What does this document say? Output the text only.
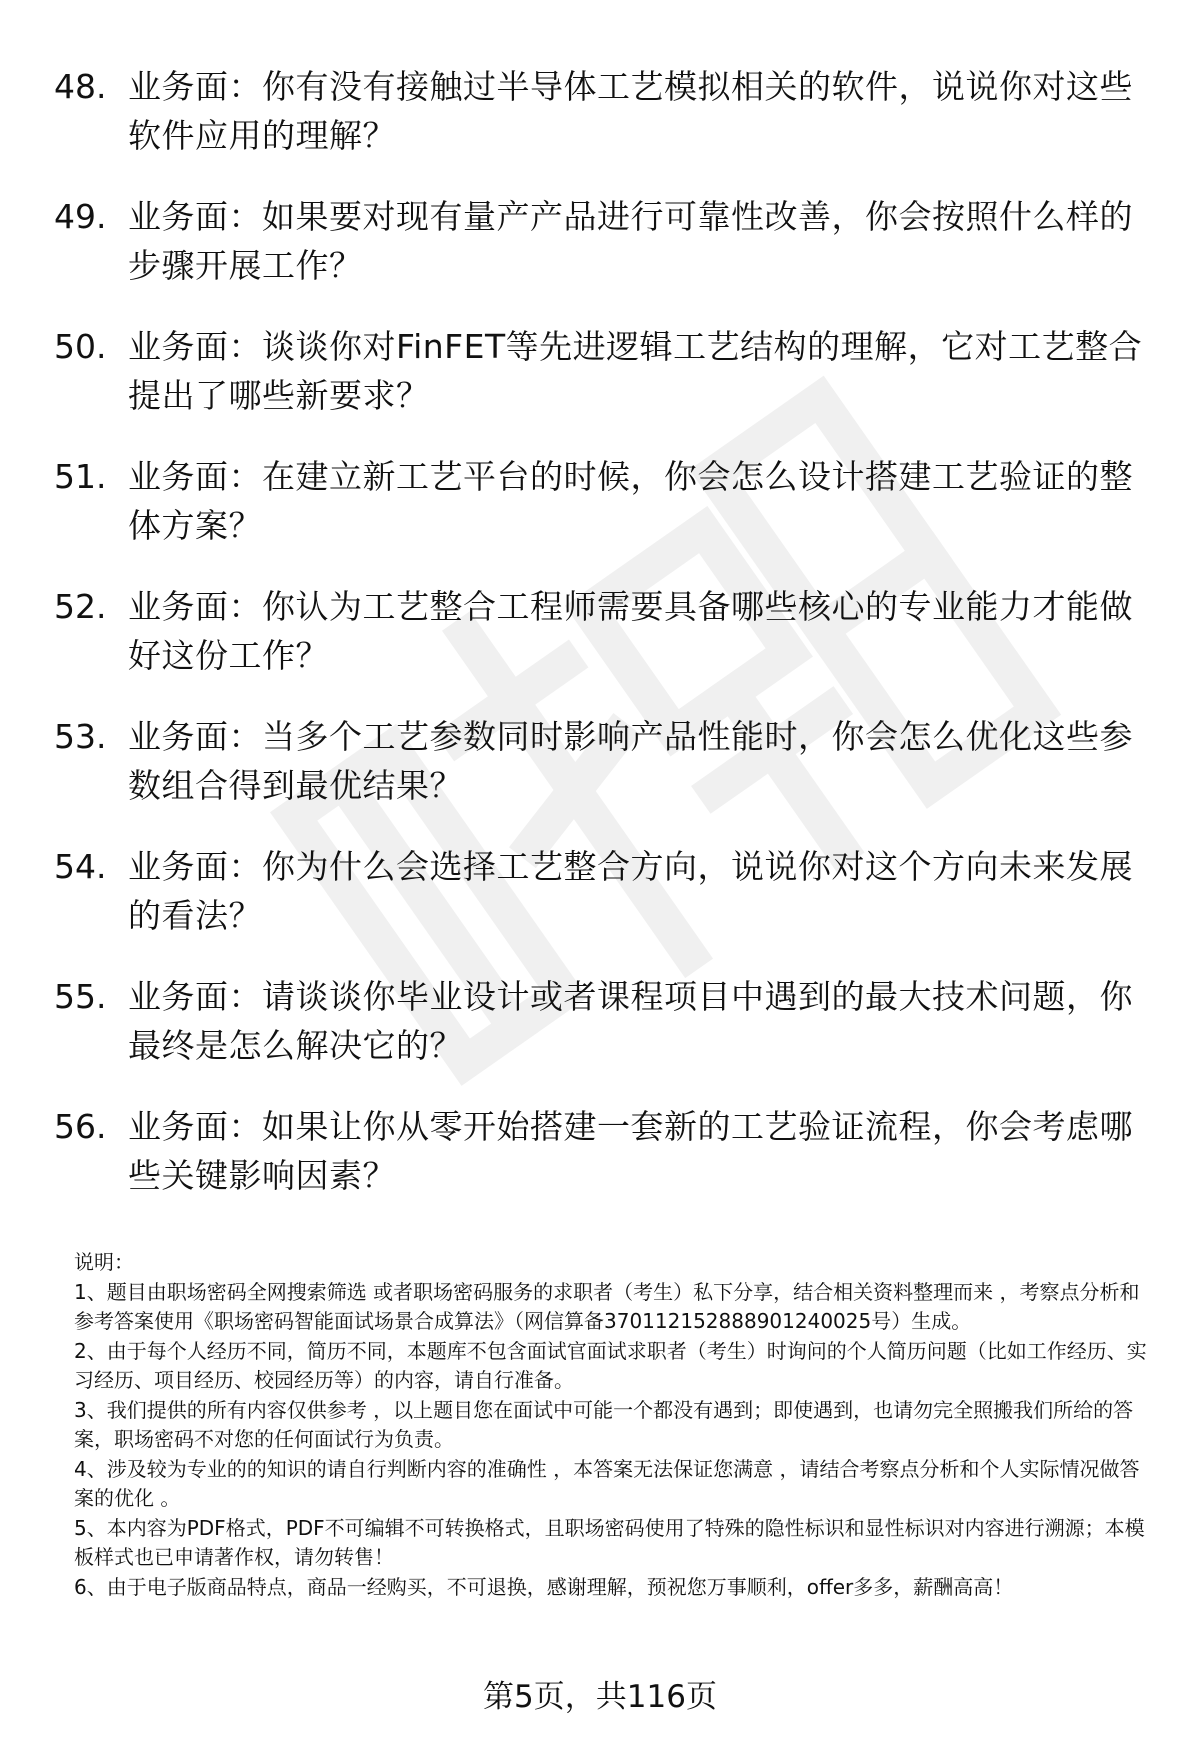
48. 业务面：你有没有接触过半导体工艺模拟相关的软件，说说你对这些软件应用的理解？
49. 业务面：如果要对现有量产产品进行可靠性改善，你会按照什么样的步骤开展工作？
50. 业务面：谈谈你对FinFET等先进逻辑工艺结构的理解，它对工艺整合提出了哪些新要求？
51. 业务面：在建立新工艺平台的时候，你会怎么设计搭建工艺验证的整体方案？
52. 业务面：你认为工艺整合工程师需要具备哪些核心的专业能力才能做好这份工作？
53. 业务面：当多个工艺参数同时影响产品性能时，你会怎么优化这些参数组合得到最优结果？
54. 业务面：你为什么会选择工艺整合方向，说说你对这个方向未来发展的看法？
55. 业务面：请谈谈你毕业设计或者课程项目中遇到的最大技术问题，你最终是怎么解决它的？
56. 业务面：如果让你从零开始搭建一套新的工艺验证流程，你会考虑哪些关键影响因素？

说明：

1、题目由职场密码全网搜索筛选 或者职场密码服务的求职者（考生）私下分享，结合相关资料整理而来 ，考察点分析和参考答案使用《职场密码智能面试场景合成算法》（网信算备370112152888901240025号）生成。

2、由于每个人经历不同，简历不同，本题库不包含面试官面试求职者（考生）时询问的个人简历问题（比如工作经历、实习经历、项目经历、校园经历等）的内容，请自行准备。

3、我们提供的所有内容仅供参考 ，以上题目您在面试中可能一个都没有遇到；即使遇到，也请勿完全照搬我们所给的答案，职场密码不对您的任何面试行为负责。

4、涉及较为专业的的知识的请自行判断内容的准确性 ，本答案无法保证您满意 ，请结合考察点分析和个人实际情况做答案的优化 。

5、本内容为PDF格式，PDF不可编辑不可转换格式，且职场密码使用了特殊的隐性标识和显性标识对内容进行溯源；本模板样式也已申请著作权，请勿转售！

6、由于电子版商品特点，商品一经购买，不可退换，感谢理解，预祝您万事顺利，offer多多，薪酬高高！

第5页，共116页
